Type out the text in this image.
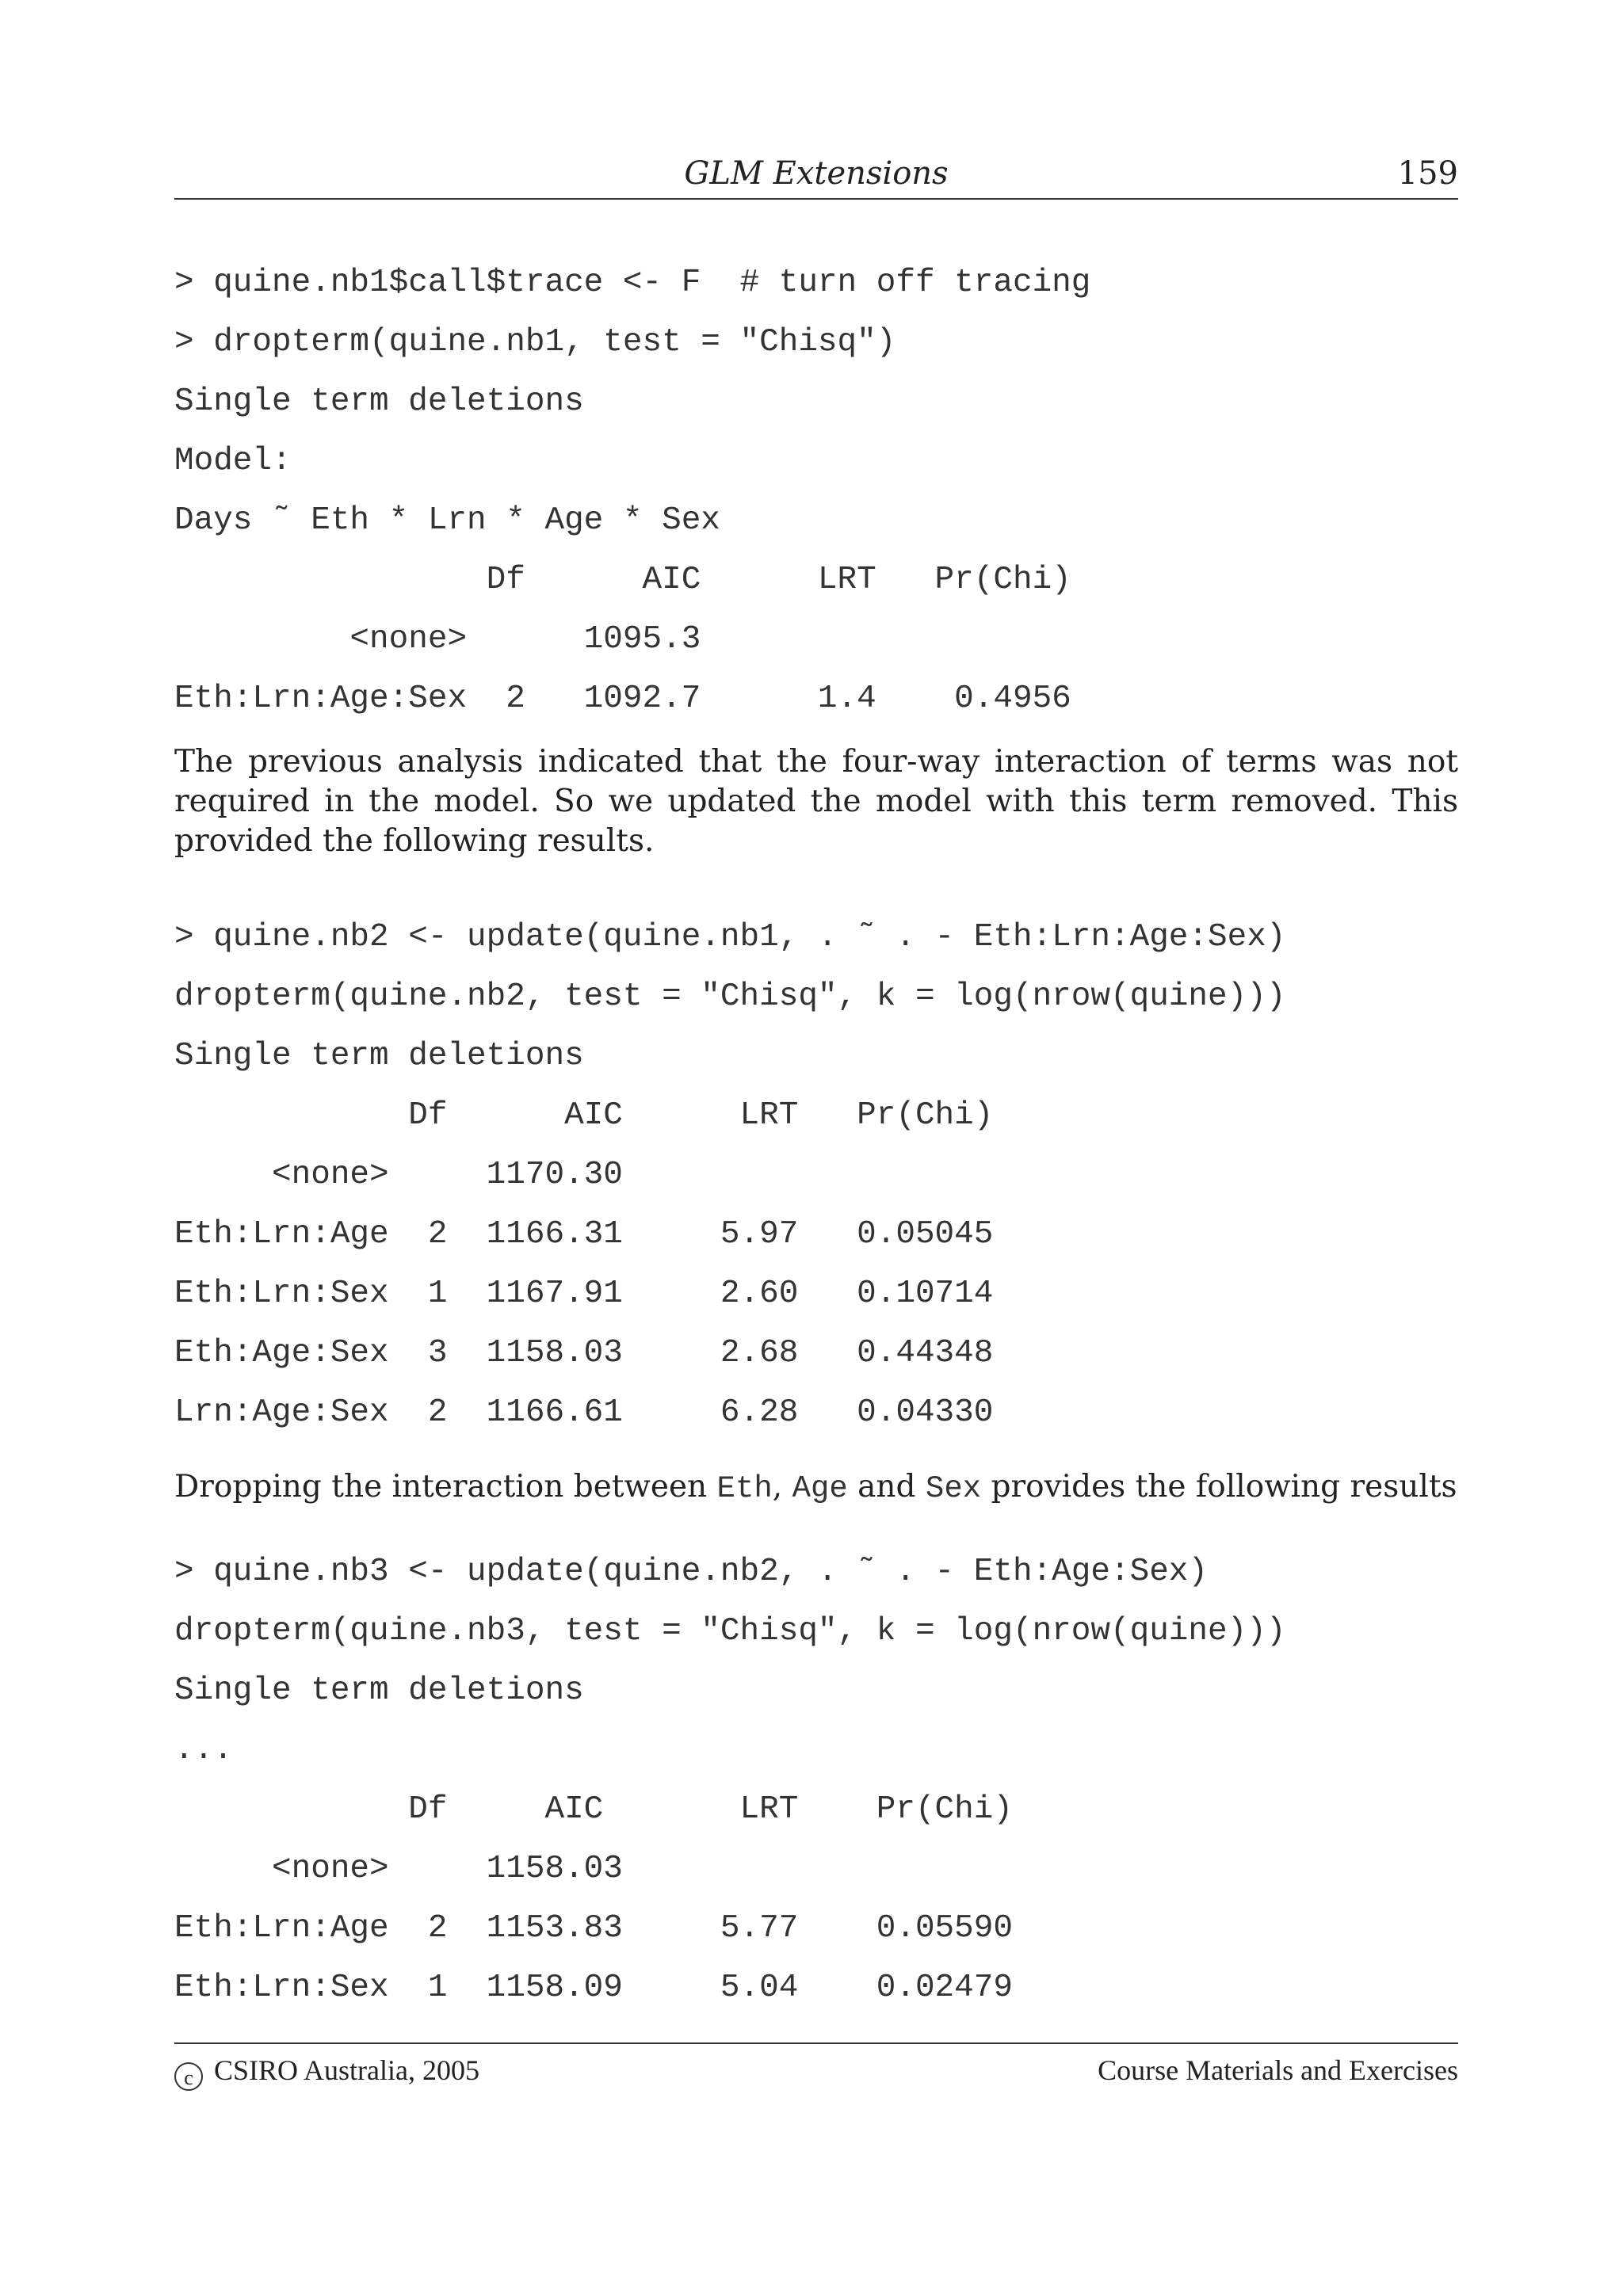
GLM Extensions	159
> quine.nb1$call$trace <- F  # turn off tracing
> dropterm(quine.nb1, test = "Chisq")
Single term deletions
Model:
Days ˜ Eth * Lrn * Age * Sex
Df      AIC      LRT   Pr(Chi)
<none>      1095.3
Eth:Lrn:Age:Sex  2   1092.7      1.4    0.4956

The previous analysis indicated that the four-way interaction of terms was not required in the model. So we updated the model with this term removed. This provided the following results.

> quine.nb2 <- update(quine.nb1, . ˜ . - Eth:Lrn:Age:Sex)
dropterm(quine.nb2, test = "Chisq", k = log(nrow(quine)))
Single term deletions
Df      AIC      LRT   Pr(Chi)
<none>     1170.30
Eth:Lrn:Age  2  1166.31     5.97   0.05045
Eth:Lrn:Sex  1  1167.91     2.60   0.10714
Eth:Age:Sex  3  1158.03     2.68   0.44348
Lrn:Age:Sex  2  1166.61     6.28   0.04330

Dropping the interaction between Eth, Age and Sex provides the following results

> quine.nb3 <- update(quine.nb2, . ˜ . - Eth:Age:Sex)
dropterm(quine.nb3, test = "Chisq", k = log(nrow(quine)))
Single term deletions
...
Df     AIC       LRT    Pr(Chi)
<none>     1158.03
Eth:Lrn:Age  2  1153.83     5.77    0.05590
Eth:Lrn:Sex  1  1158.09     5.04    0.02479
c CSIRO Australia, 2005	Course Materials and Exercises
